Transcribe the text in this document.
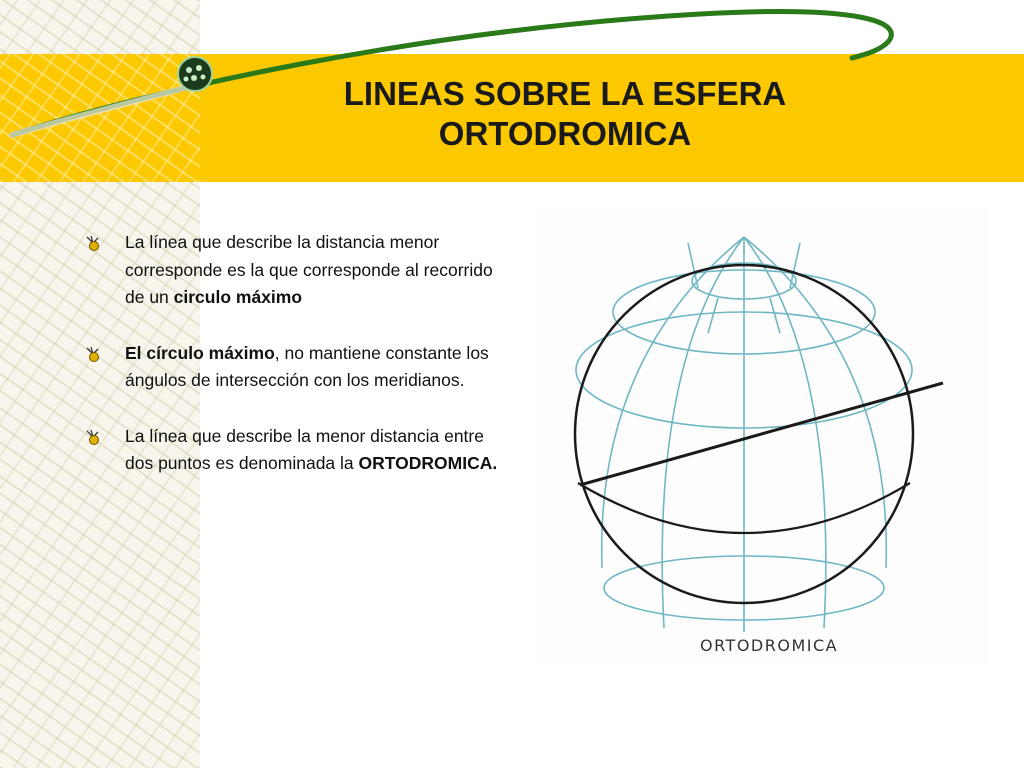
LINEAS SOBRE LA ESFERA
ORTODROMICA
La línea que describe la distancia menor corresponde es la que corresponde al recorrido de un circulo máximo
El círculo máximo, no mantiene constante los ángulos de intersección con los meridianos.
La línea que describe la menor distancia entre dos puntos es denominada la ORTODROMICA.
ORTODROMICA
